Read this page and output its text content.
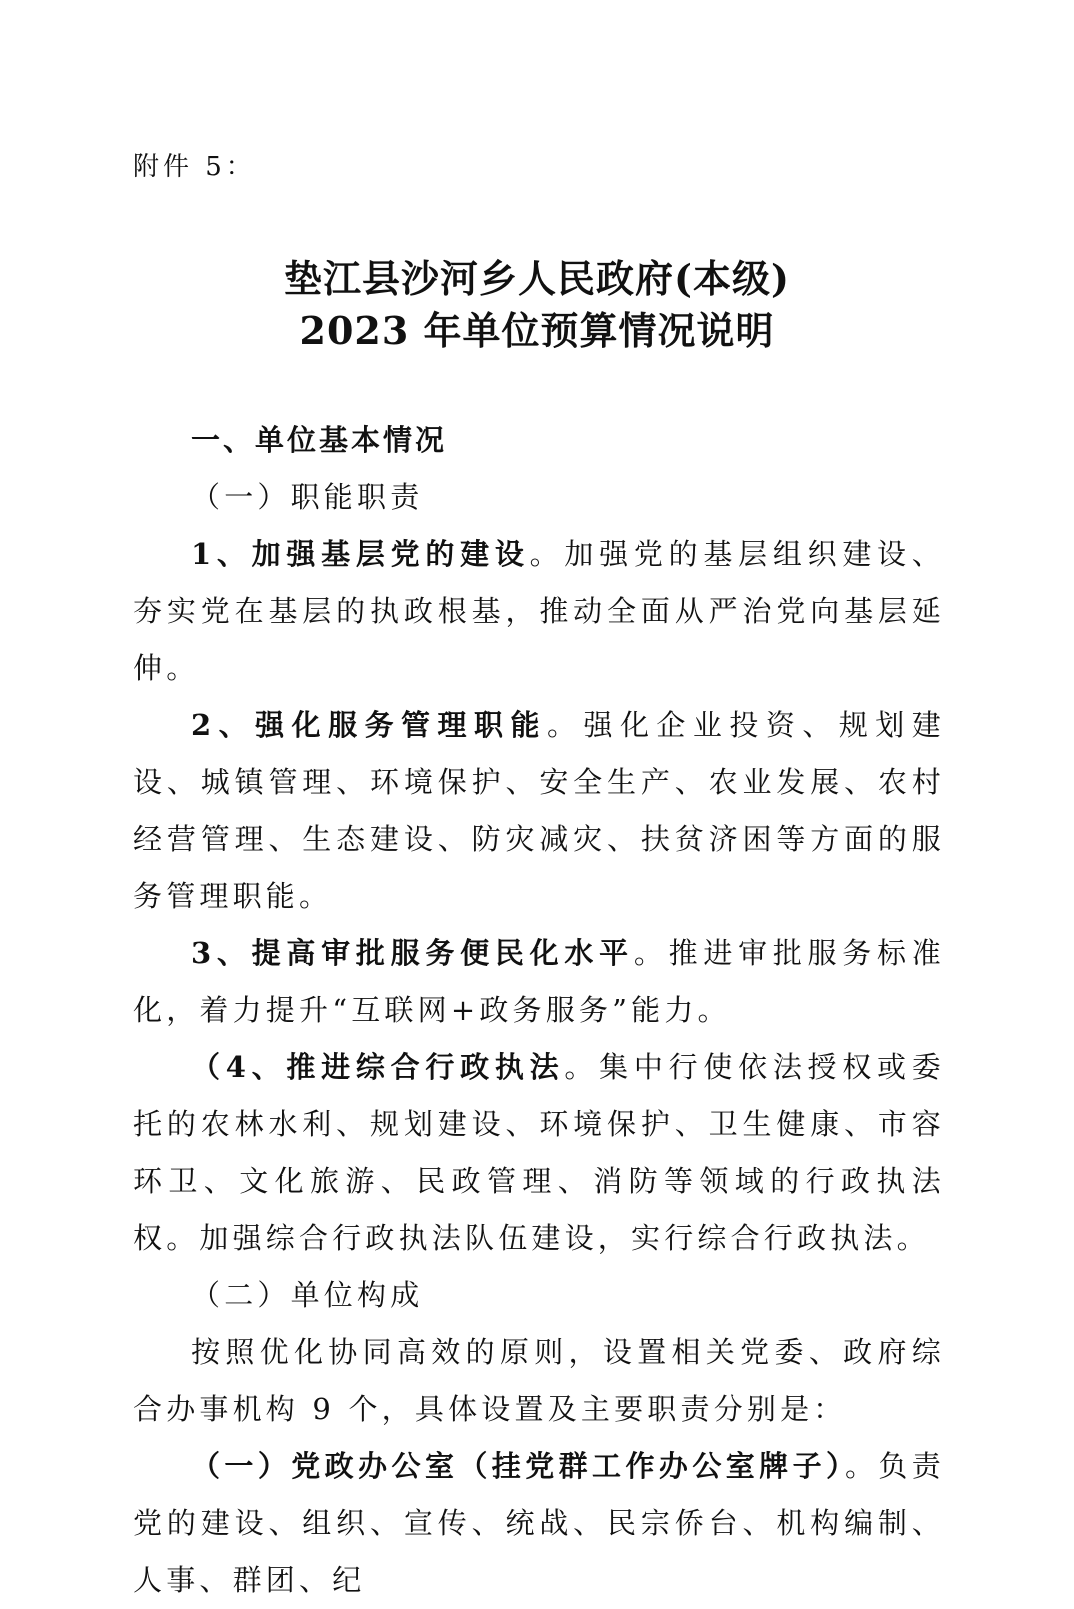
附件 5：
垫江县沙河乡人民政府(本级)
2023 年单位预算情况说明

一、单位基本情况

（一）职能职责

1、加强基层党的建设。加强党的基层组织建设、夯实党在基层的执政根基，推动全面从严治党向基层延伸。

2、强化服务管理职能。强化企业投资、规划建设、城镇管理、环境保护、安全生产、农业发展、农村经营管理、生态建设、防灾减灾、扶贫济困等方面的服务管理职能。

3、提高审批服务便民化水平。推进审批服务标准化，着力提升“互联网+政务服务”能力。

（4、推进综合行政执法。集中行使依法授权或委托的农林水利、规划建设、环境保护、卫生健康、市容环卫、文化旅游、民政管理、消防等领域的行政执法权。加强综合行政执法队伍建设，实行综合行政执法。

（二）单位构成

按照优化协同高效的原则，设置相关党委、政府综合办事机构 9 个，具体设置及主要职责分别是：

（一）党政办公室（挂党群工作办公室牌子）。负责党的建设、组织、宣传、统战、民宗侨台、机构编制、人事、群团、纪
